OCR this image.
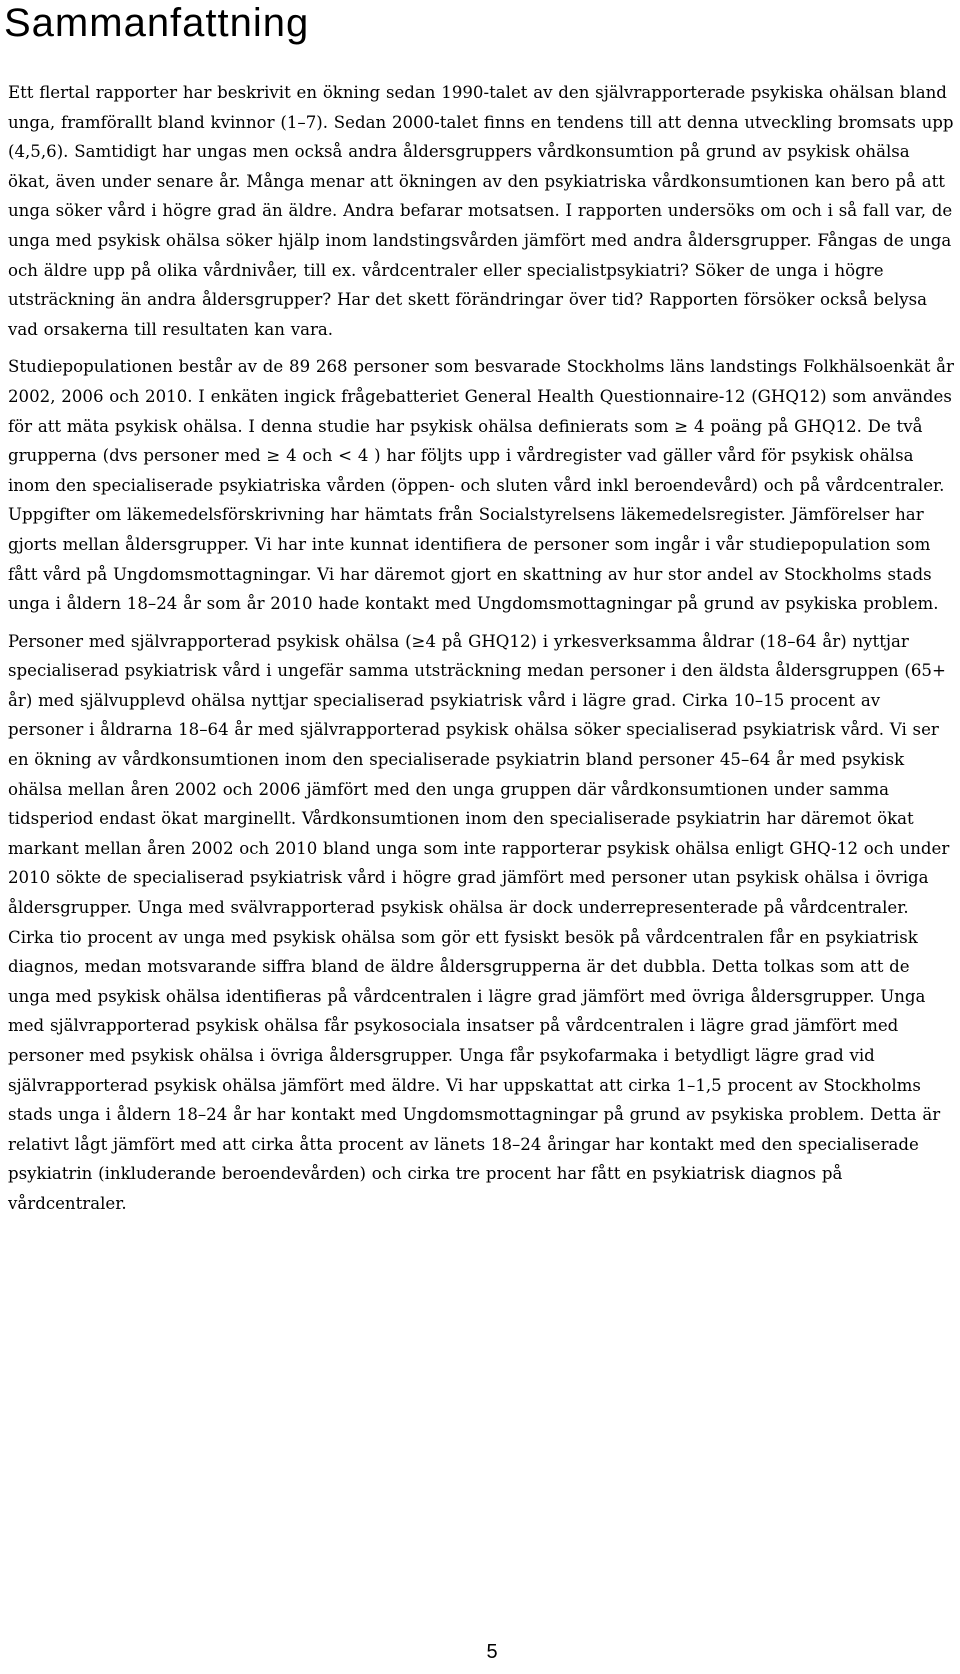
Sammanfattning

Ett flertal rapporter har beskrivit en ökning sedan 1990-talet av den självrapporterade psykiska ohälsan bland unga, framförallt bland kvinnor (1–7). Sedan 2000-talet finns en tendens till att denna utveckling bromsats upp (4,5,6). Samtidigt har ungas men också andra åldersgruppers vårdkonsumtion på grund av psykisk ohälsa ökat, även under senare år. Många menar att ökningen av den psykiatriska vårdkonsumtionen kan bero på att unga söker vård i högre grad än äldre. Andra befarar motsatsen. I rapporten undersöks om och i så fall var, de unga med psykisk ohälsa söker hjälp inom landstingsvården jämfört med andra åldersgrupper. Fångas de unga och äldre upp på olika vårdnivåer, till ex. vårdcentraler eller specialistpsykiatri? Söker de unga i högre utsträckning än andra åldersgrupper? Har det skett förändringar över tid? Rapporten försöker också belysa vad orsakerna till resultaten kan vara.

Studiepopulationen består av de 89 268 personer som besvarade Stockholms läns landstings Folkhälsoenkät år 2002, 2006 och 2010. I enkäten ingick frågebatteriet General Health Questionnaire-12 (GHQ12) som användes för att mäta psykisk ohälsa. I denna studie har psykisk ohälsa definierats som ≥ 4 poäng på GHQ12. De två grupperna (dvs personer med ≥ 4 och < 4 ) har följts upp i vårdregister vad gäller vård för psykisk ohälsa inom den specialiserade psykiatriska vården (öppen- och sluten vård inkl beroendevård) och på vårdcentraler. Uppgifter om läkemedelsförskrivning har hämtats från Socialstyrelsens läkemedelsregister. Jämförelser har gjorts mellan åldersgrupper. Vi har inte kunnat identifiera de personer som ingår i vår studiepopulation som fått vård på Ungdomsmottagningar. Vi har däremot gjort en skattning av hur stor andel av Stockholms stads unga i åldern 18–24 år som år 2010 hade kontakt med Ungdomsmottagningar på grund av psykiska problem.

Personer med självrapporterad psykisk ohälsa (≥4 på GHQ12) i yrkesverksamma åldrar (18–64 år) nyttjar specialiserad psykiatrisk vård i ungefär samma utsträckning medan personer i den äldsta åldersgruppen (65+ år) med självupplevd ohälsa nyttjar specialiserad psykiatrisk vård i lägre grad. Cirka 10–15 procent av personer i åldrarna 18–64 år med självrapporterad psykisk ohälsa söker specialiserad psykiatrisk vård. Vi ser en ökning av vårdkonsumtionen inom den specialiserade psykiatrin bland personer 45–64 år med psykisk ohälsa mellan åren 2002 och 2006 jämfört med den unga gruppen där vårdkonsumtionen under samma tidsperiod endast ökat marginellt. Vårdkonsumtionen inom den specialiserade psykiatrin har däremot ökat markant mellan åren 2002 och 2010 bland unga som inte rapporterar psykisk ohälsa enligt GHQ-12 och under 2010 sökte de specialiserad psykiatrisk vård i högre grad jämfört med personer utan psykisk ohälsa i övriga åldersgrupper. Unga med svälvrapporterad psykisk ohälsa är dock underrepresenterade på vårdcentraler. Cirka tio procent av unga med psykisk ohälsa som gör ett fysiskt besök på vårdcentralen får en psykiatrisk diagnos, medan motsvarande siffra bland de äldre åldersgrupperna är det dubbla. Detta tolkas som att de unga med psykisk ohälsa identifieras på vårdcentralen i lägre grad jämfört med övriga åldersgrupper. Unga med självrapporterad psykisk ohälsa får psykosociala insatser på vårdcentralen i lägre grad jämfört med personer med psykisk ohälsa i övriga åldersgrupper. Unga får psykofarmaka i betydligt lägre grad vid självrapporterad psykisk ohälsa jämfört med äldre. Vi har uppskattat att cirka 1–1,5 procent av Stockholms stads unga i åldern 18–24 år har kontakt med Ungdomsmottagningar på grund av psykiska problem. Detta är relativt lågt jämfört med att cirka åtta procent av länets 18–24 åringar har kontakt med den specialiserade psykiatrin (inkluderande beroendevården) och cirka tre procent har fått en psykiatrisk diagnos på vårdcentraler.

5
